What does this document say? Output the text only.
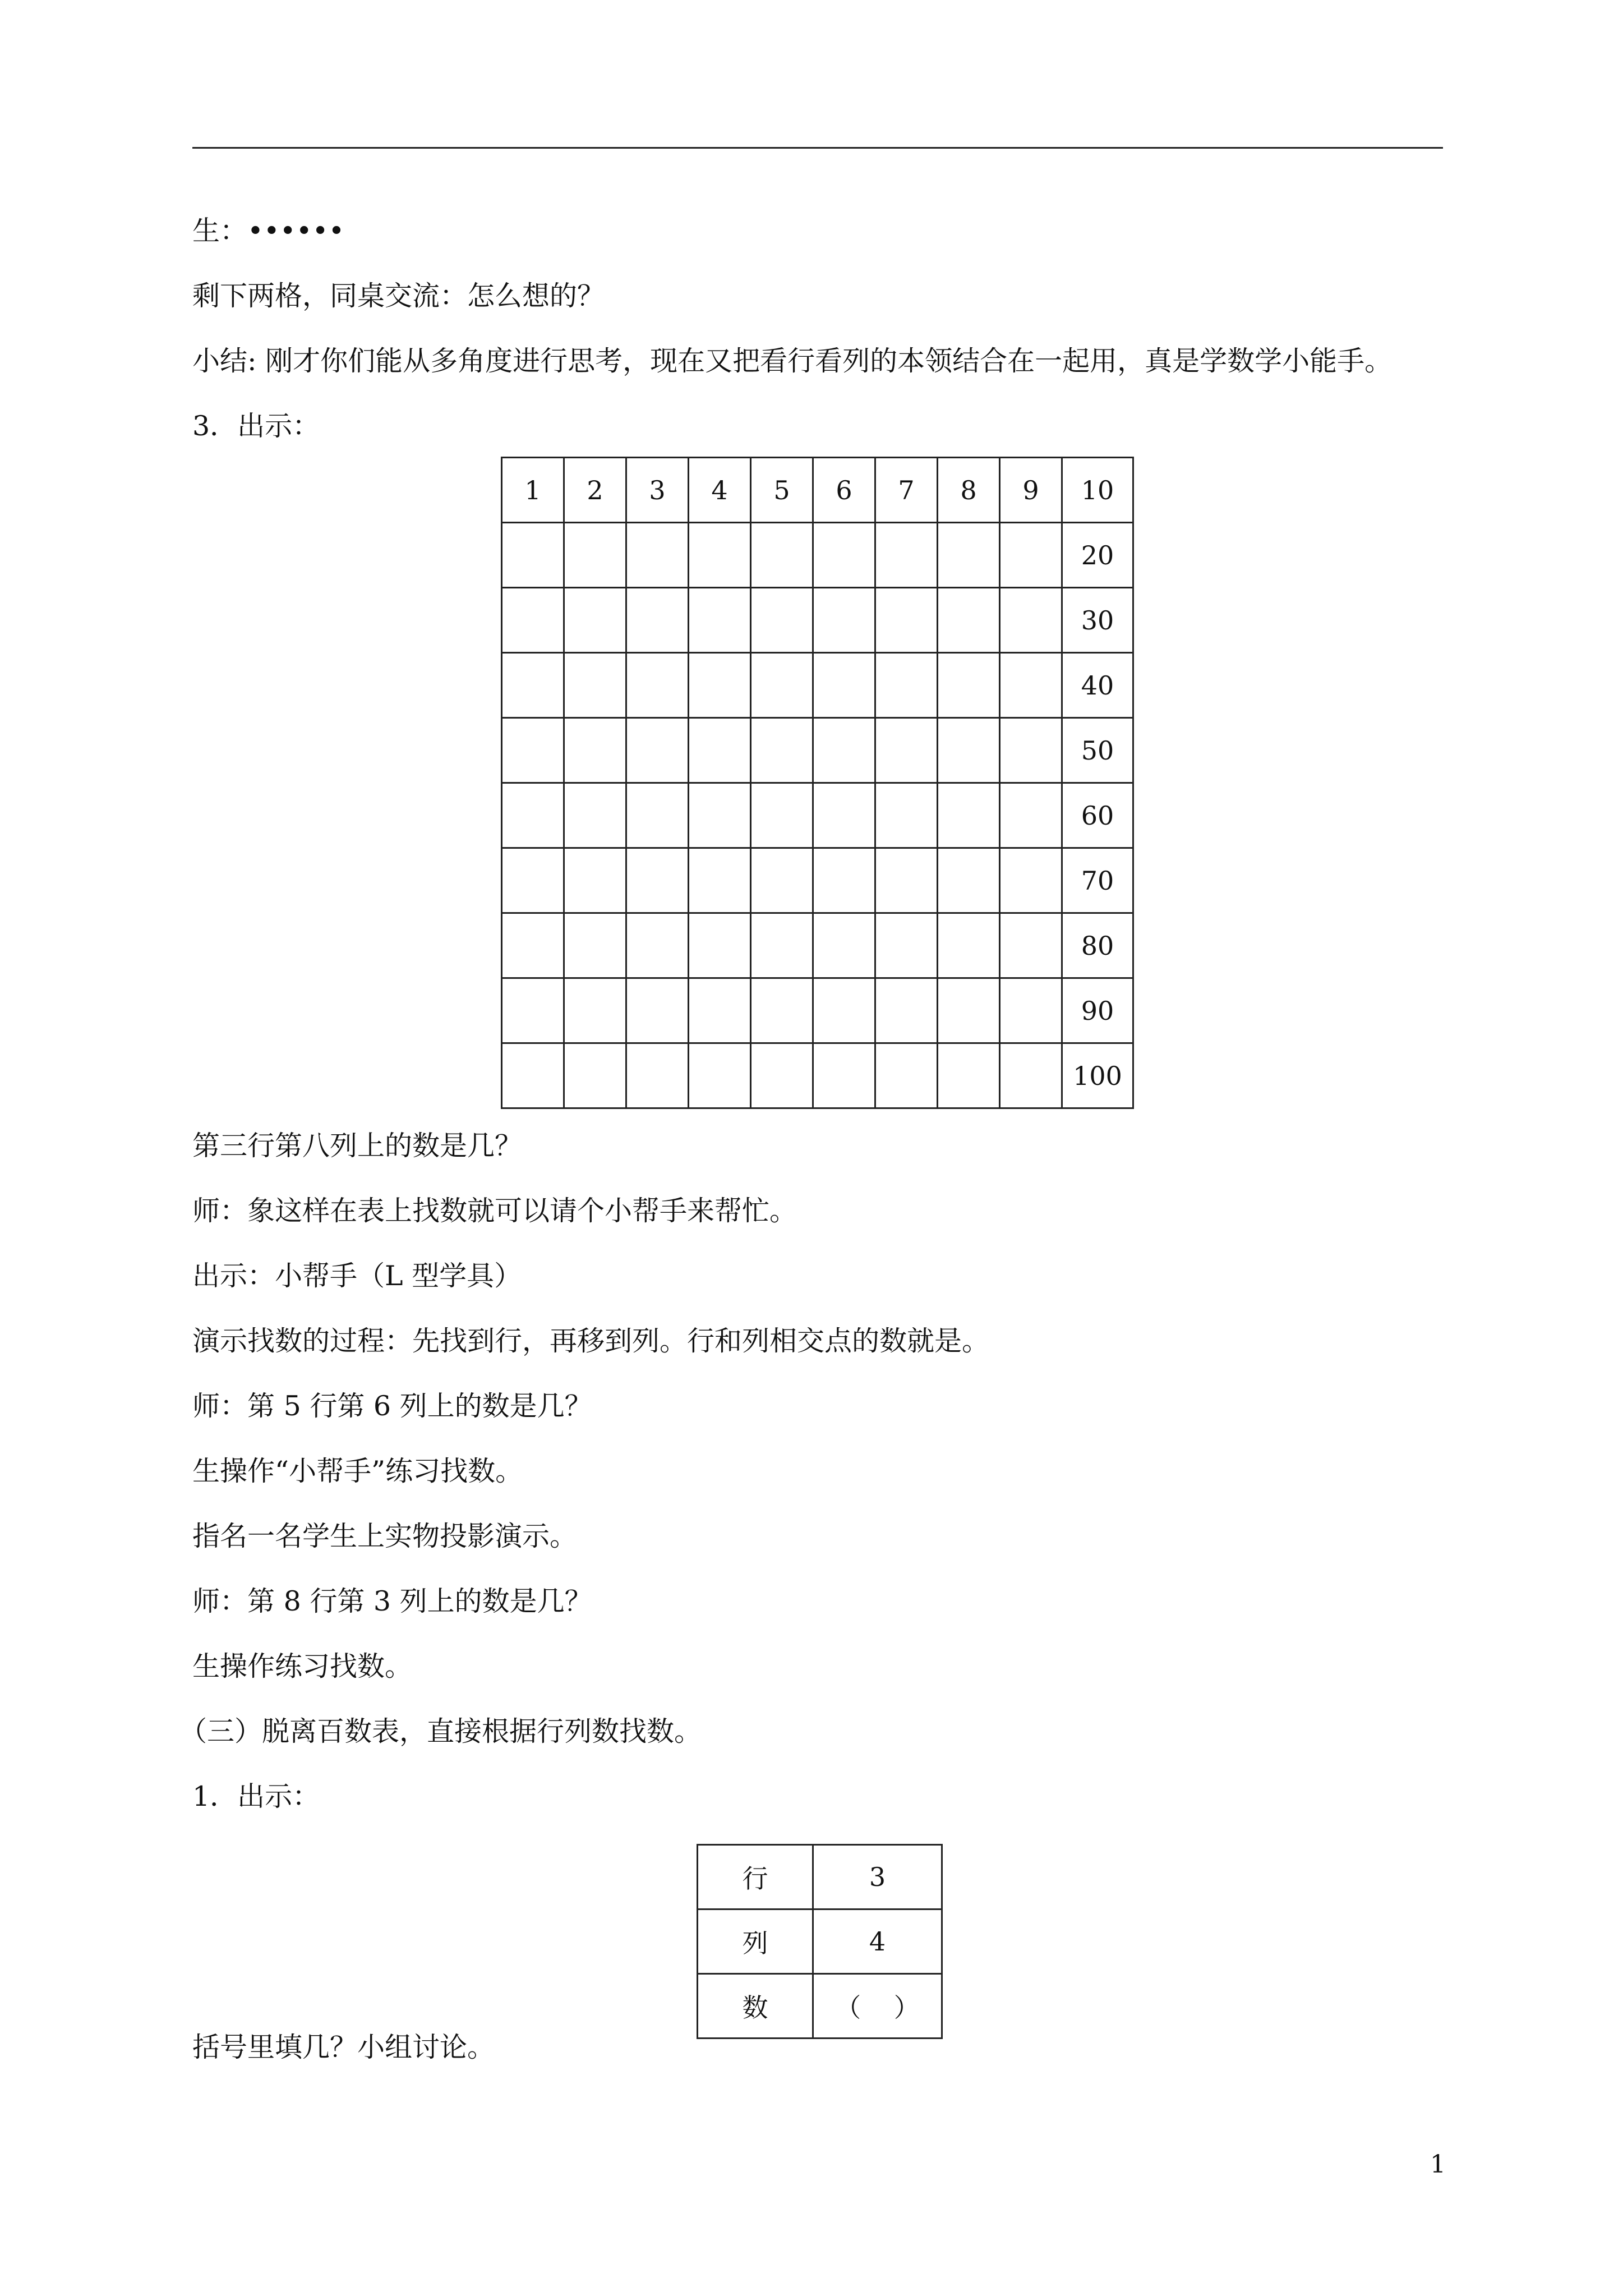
生：••••••
剩下两格，同桌交流：怎么想的？
小结: 刚才你们能从多角度进行思考，现在又把看行看列的本领结合在一起用，真是学数学小能手。
3．出示：
1	2	3	4	5	6	7	8	9	10
									20
									30
									40
									50
									60
									70
									80
									90
									100
第三行第八列上的数是几？
师：象这样在表上找数就可以请个小帮手来帮忙。
出示：小帮手（L 型学具）
演示找数的过程：先找到行，再移到列。行和列相交点的数就是。
师：第 5 行第 6 列上的数是几？
生操作“小帮手”练习找数。
指名一名学生上实物投影演示。
师：第 8 行第 3 列上的数是几？
生操作练习找数。
（三）脱离百数表，直接根据行列数找数。
1．出示：
行	3
列	4
数	（    ）
括号里填几？小组讨论。
1
